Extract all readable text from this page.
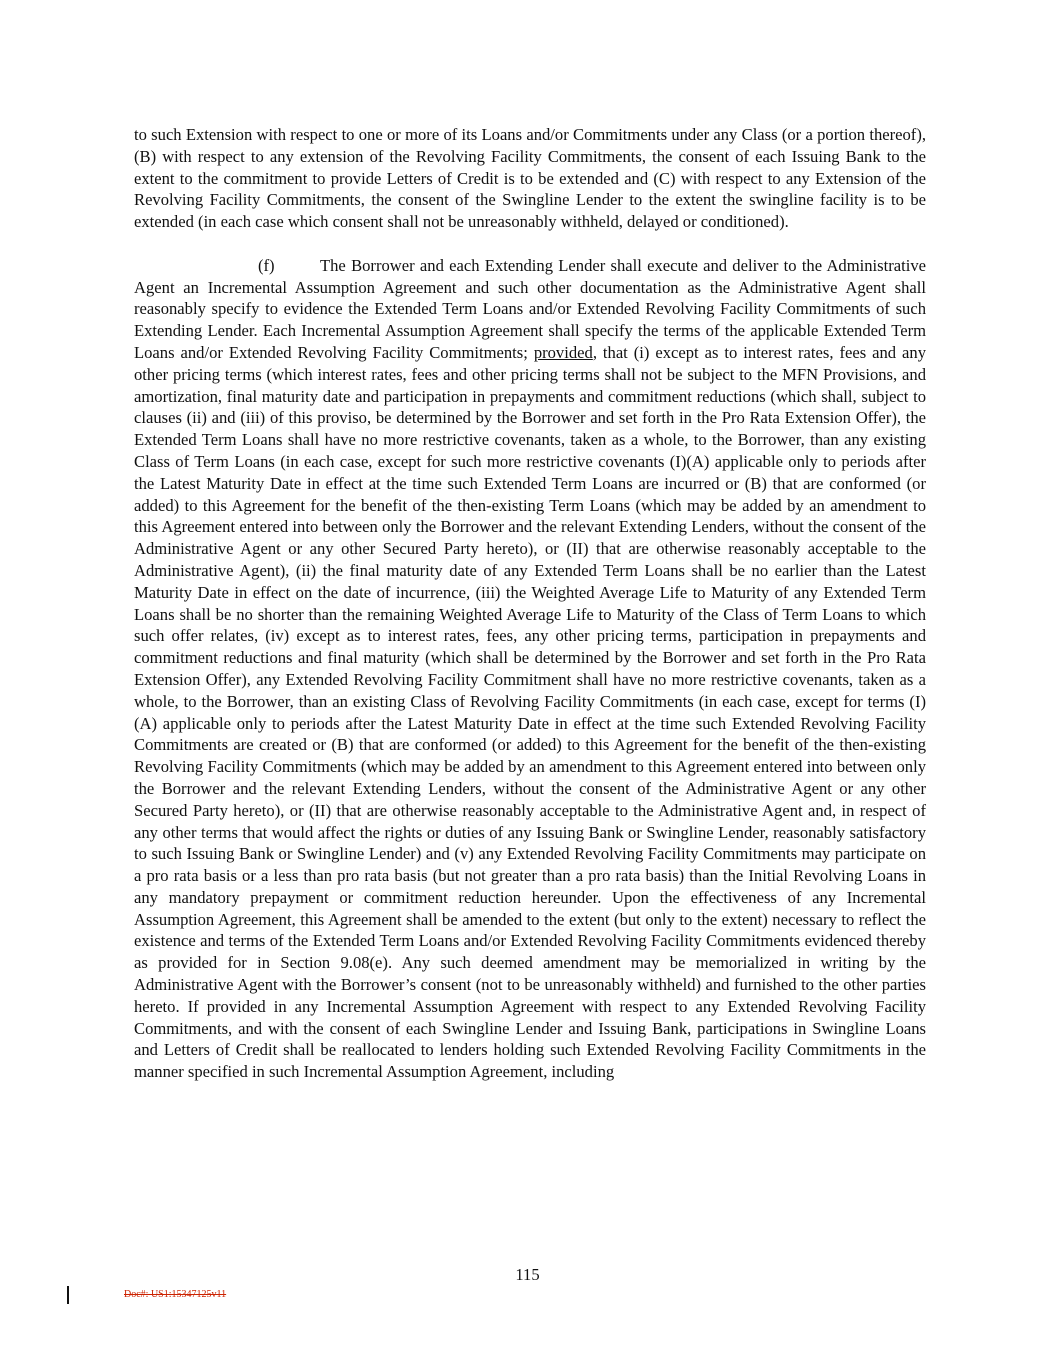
to such Extension with respect to one or more of its Loans and/or Commitments under any Class (or a portion thereof), (B) with respect to any extension of the Revolving Facility Commitments, the consent of each Issuing Bank to the extent to the commitment to provide Letters of Credit is to be extended and (C) with respect to any Extension of the Revolving Facility Commitments, the consent of the Swingline Lender to the extent the swingline facility is to be extended (in each case which consent shall not be unreasonably withheld, delayed or conditioned).

(f)	The Borrower and each Extending Lender shall execute and deliver to the Administrative Agent an Incremental Assumption Agreement and such other documentation as the Administrative Agent shall reasonably specify to evidence the Extended Term Loans and/or Extended Revolving Facility Commitments of such Extending Lender. Each Incremental Assumption Agreement shall specify the terms of the applicable Extended Term Loans and/or Extended Revolving Facility Commitments; provided, that (i) except as to interest rates, fees and any other pricing terms (which interest rates, fees and other pricing terms shall not be subject to the MFN Provisions, and amortization, final maturity date and participation in prepayments and commitment reductions (which shall, subject to clauses (ii) and (iii) of this proviso, be determined by the Borrower and set forth in the Pro Rata Extension Offer), the Extended Term Loans shall have no more restrictive covenants, taken as a whole, to the Borrower, than any existing Class of Term Loans (in each case, except for such more restrictive covenants (I)(A) applicable only to periods after the Latest Maturity Date in effect at the time such Extended Term Loans are incurred or (B) that are conformed (or added) to this Agreement for the benefit of the then-existing Term Loans (which may be added by an amendment to this Agreement entered into between only the Borrower and the relevant Extending Lenders, without the consent of the Administrative Agent or any other Secured Party hereto), or (II) that are otherwise reasonably acceptable to the Administrative Agent), (ii) the final maturity date of any Extended Term Loans shall be no earlier than the Latest Maturity Date in effect on the date of incurrence, (iii) the Weighted Average Life to Maturity of any Extended Term Loans shall be no shorter than the remaining Weighted Average Life to Maturity of the Class of Term Loans to which such offer relates, (iv) except as to interest rates, fees, any other pricing terms, participation in prepayments and commitment reductions and final maturity (which shall be determined by the Borrower and set forth in the Pro Rata Extension Offer), any Extended Revolving Facility Commitment shall have no more restrictive covenants, taken as a whole, to the Borrower, than an existing Class of Revolving Facility Commitments (in each case, except for terms (I)(A) applicable only to periods after the Latest Maturity Date in effect at the time such Extended Revolving Facility Commitments are created or (B) that are conformed (or added) to this Agreement for the benefit of the then-existing Revolving Facility Commitments (which may be added by an amendment to this Agreement entered into between only the Borrower and the relevant Extending Lenders, without the consent of the Administrative Agent or any other Secured Party hereto), or (II) that are otherwise reasonably acceptable to the Administrative Agent and, in respect of any other terms that would affect the rights or duties of any Issuing Bank or Swingline Lender, reasonably satisfactory to such Issuing Bank or Swingline Lender) and (v) any Extended Revolving Facility Commitments may participate on a pro rata basis or a less than pro rata basis (but not greater than a pro rata basis) than the Initial Revolving Loans in any mandatory prepayment or commitment reduction hereunder. Upon the effectiveness of any Incremental Assumption Agreement, this Agreement shall be amended to the extent (but only to the extent) necessary to reflect the existence and terms of the Extended Term Loans and/or Extended Revolving Facility Commitments evidenced thereby as provided for in Section 9.08(e). Any such deemed amendment may be memorialized in writing by the Administrative Agent with the Borrower’s consent (not to be unreasonably withheld) and furnished to the other parties hereto. If provided in any Incremental Assumption Agreement with respect to any Extended Revolving Facility Commitments, and with the consent of each Swingline Lender and Issuing Bank, participations in Swingline Loans and Letters of Credit shall be reallocated to lenders holding such Extended Revolving Facility Commitments in the manner specified in such Incremental Assumption Agreement, including

115
Doc#: US1:15347125v11
